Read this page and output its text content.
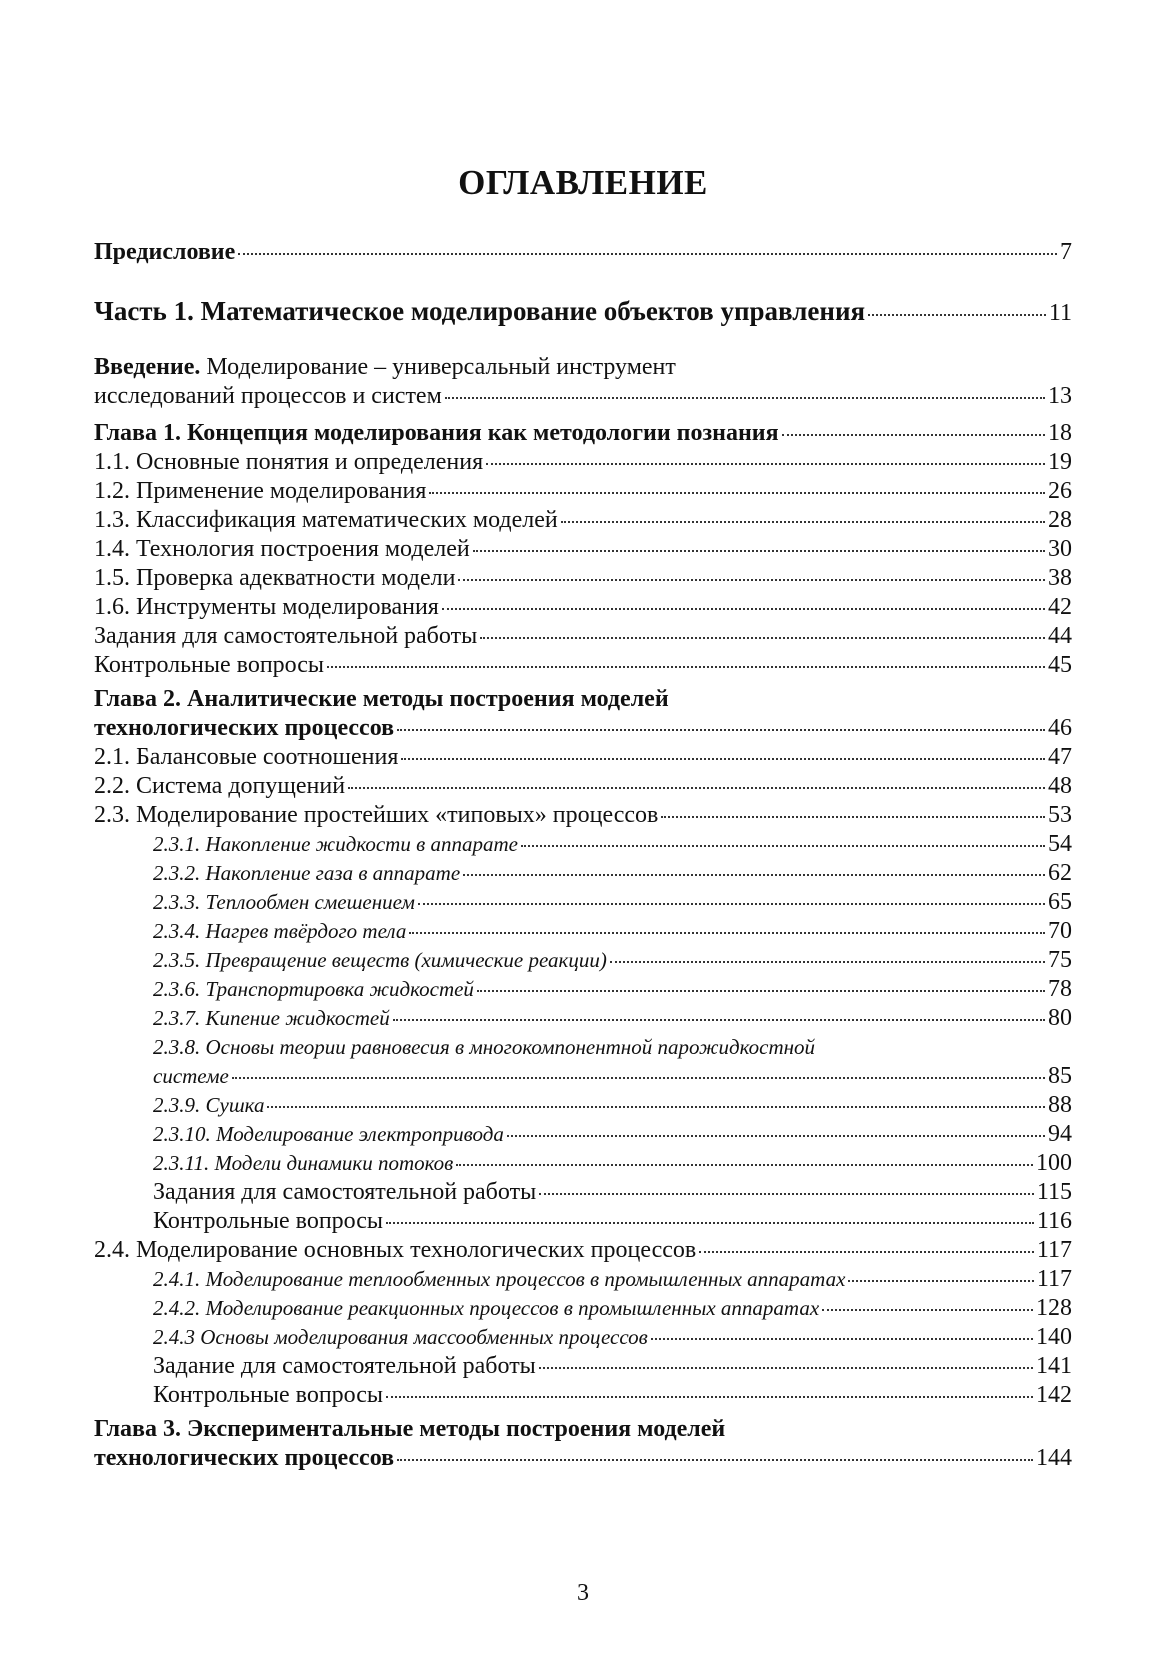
ОГЛАВЛЕНИЕ
Предисловие	7
Часть 1. Математическое моделирование объектов управления	11
Введение. Моделирование – универсальный инструмент
исследований процессов и систем	13
Глава 1. Концепция моделирования как методологии познания	18
1.1. Основные понятия и определения	19
1.2. Применение моделирования	26
1.3. Классификация математических моделей	28
1.4. Технология построения моделей	30
1.5. Проверка адекватности модели	38
1.6. Инструменты моделирования	42
Задания для самостоятельной работы	44
Контрольные вопросы	45
Глава 2. Аналитические методы построения моделей
технологических процессов	46
2.1. Балансовые соотношения	47
2.2. Система допущений	48
2.3. Моделирование простейших «типовых» процессов	53
2.3.1. Накопление жидкости в аппарате	54
2.3.2. Накопление газа в аппарате	62
2.3.3. Теплообмен смешением	65
2.3.4. Нагрев твёрдого тела	70
2.3.5. Превращение веществ (химические реакции)	75
2.3.6. Транспортировка жидкостей	78
2.3.7. Кипение жидкостей	80
2.3.8. Основы теории равновесия в многокомпонентной парожидкостной
системе	85
2.3.9. Сушка	88
2.3.10. Моделирование электропривода	94
2.3.11. Модели динамики потоков	100
Задания для самостоятельной работы	115
Контрольные вопросы	116
2.4. Моделирование основных технологических процессов	117
2.4.1. Моделирование теплообменных процессов в промышленных аппаратах	117
2.4.2. Моделирование реакционных процессов в промышленных аппаратах	128
2.4.3 Основы моделирования массообменных процессов	140
Задание для самостоятельной работы	141
Контрольные вопросы	142
Глава 3. Экспериментальные методы построения моделей
технологических процессов	144
3
